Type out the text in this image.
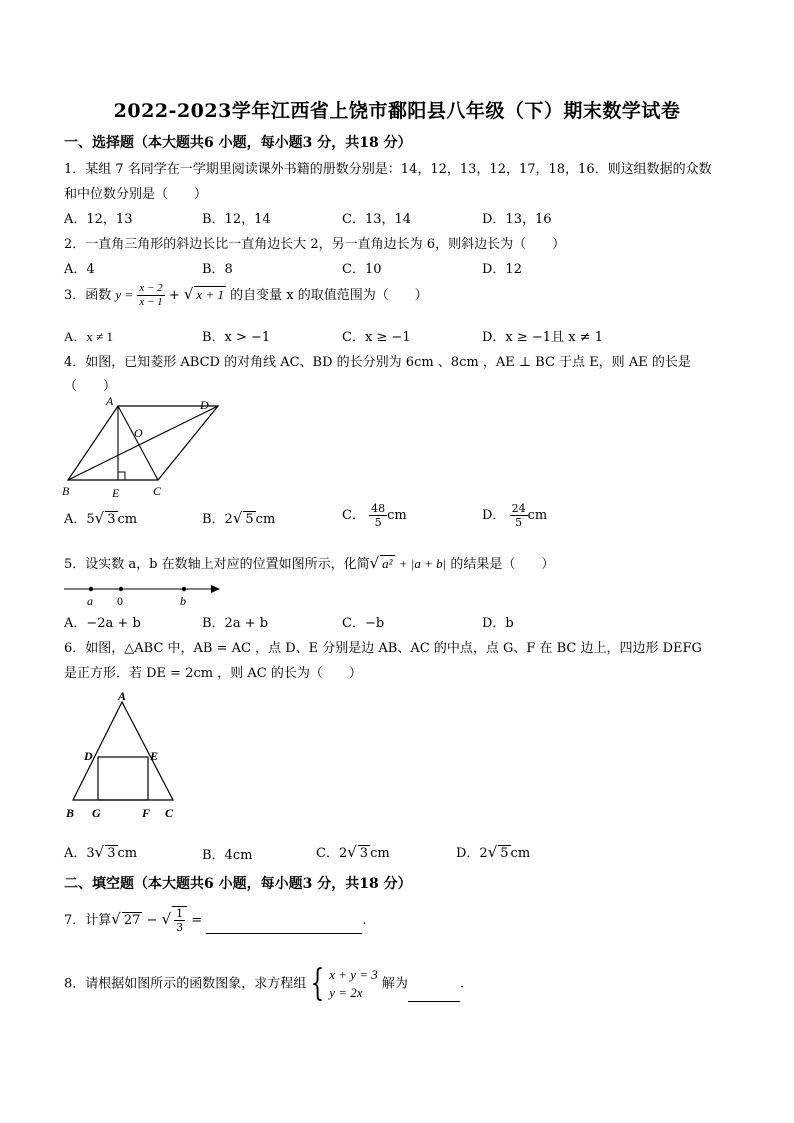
2022-2023学年江西省上饶市鄱阳县八年级（下）期末数学试卷
一、选择题（本大题共6 小题，每小题3 分，共18 分）
1．某组 7 名同学在一学期里阅读课外书籍的册数分别是：14，12，13，12，17，18，16．则这组数据的众数
和中位数分别是（　　）
A．12，13	B．12，14	C．13，14	D．13，16
2．一直角三角形的斜边长比一直角边长大 2，另一直角边长为 6，则斜边长为（　　）
A．4	B．8	C．10	D．12
3．函数 $y = \frac{x - 2}{x - 1}$ + √ x + 1 的自变量 x 的取值范围为（　　）
A．x ≠ 1	B．x > −1	C．x ≥ −1	D．x ≥ −1且 x ≠ 1
4．如图，已知菱形 ABCD 的对角线 AC、BD 的长分别为 6cm 、8cm ，AE ⊥ BC 于点 E，则 AE 的长是
（　　）
A	D
O
B	E	C
A．5√ 3 cm	B．2√ 5 cm	C． $\frac{48}{5}$ cm	D． $\frac{24}{5}$ cm
5．设实数 a，b 在数轴上对应的位置如图所示，化简√ a² + |a + b| 的结果是（　　）
a 0	b
A．−2a + b	B．2a + b	C．−b	D．b
6．如图，△ABC 中，AB = AC ，点 D、E 分别是边 AB、AC 的中点，点 G、F 在 BC 边上，四边形 DEFG
是正方形．若 DE = 2cm ，则 AC 的长为（　　）
A
D	E
B G	F C
A．3√ 3 cm	B．4cm	C．2√ 3 cm	D．2√ 5 cm
二、填空题（本大题共6 小题，每小题3 分，共18 分）
7．计算√ 27 − √ $\frac{1}{3}$ =	.
8．请根据如图所示的函数图象，求方程组 { x + y = 3
y = 2x
解为	.
